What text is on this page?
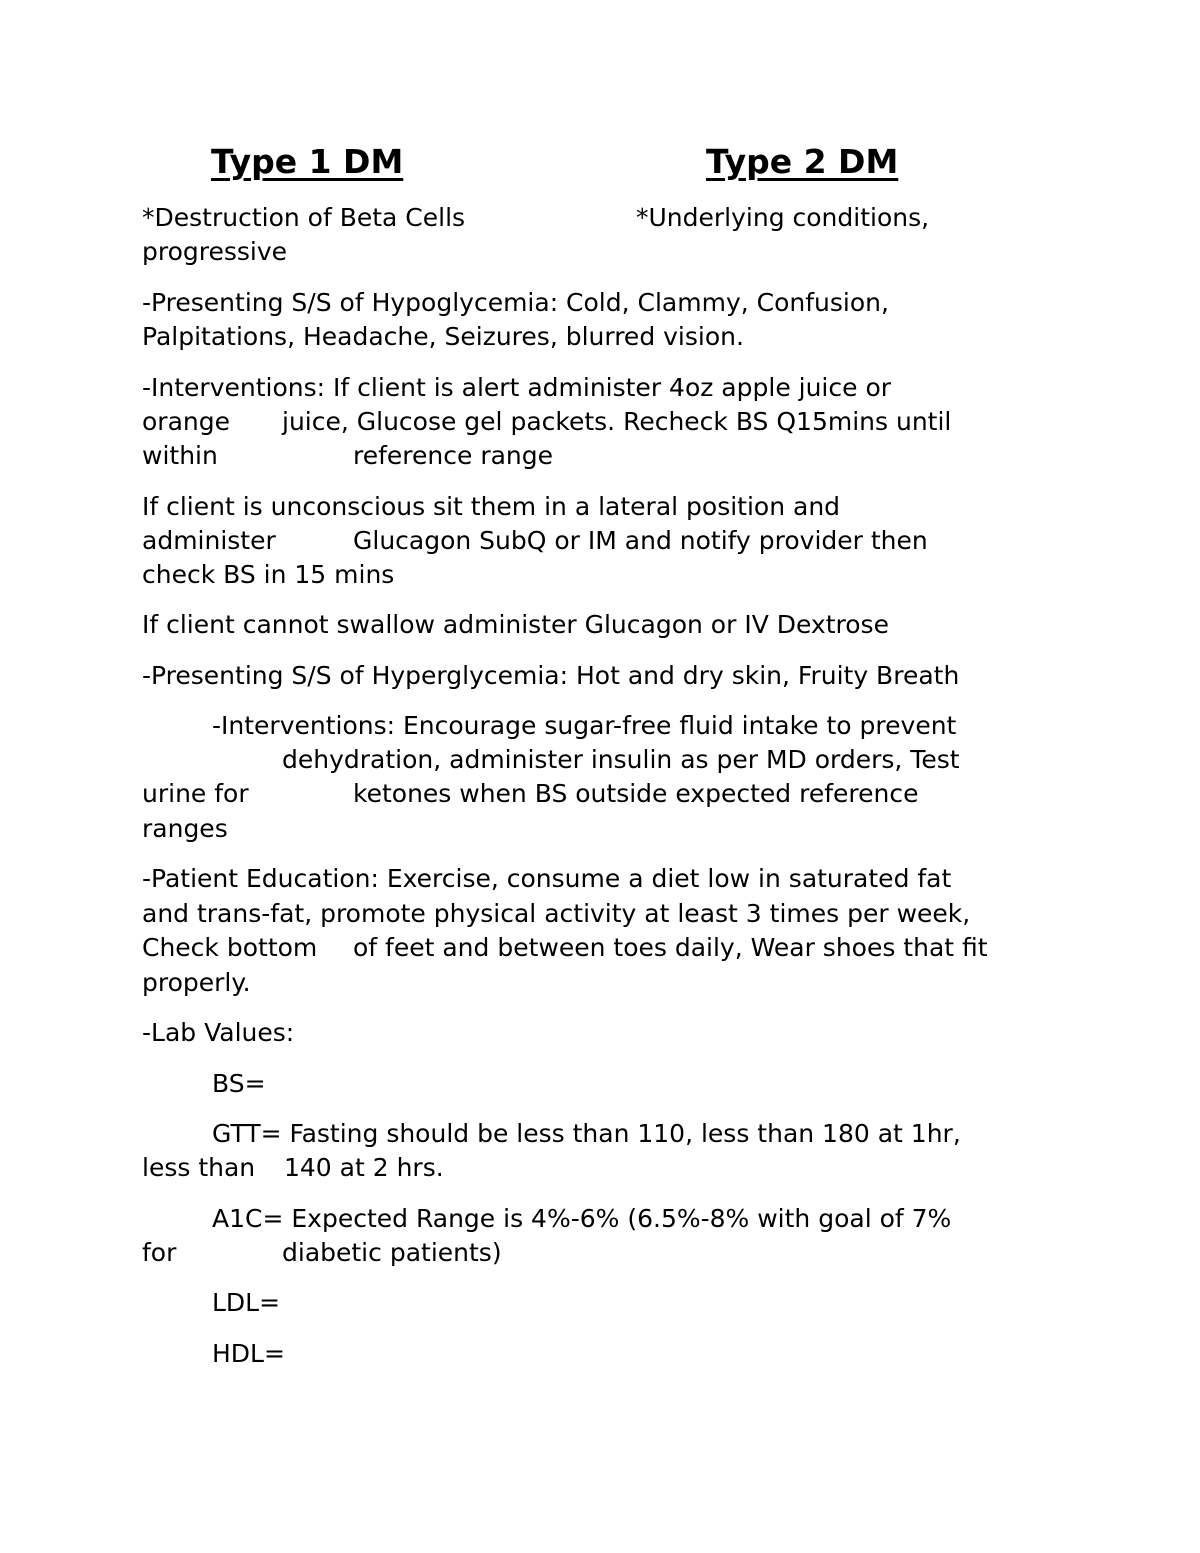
Type 1 DM	Type 2 DM
*Destruction of Beta Cells	*Underlying conditions,
progressive
-Presenting S/S of Hypoglycemia: Cold, Clammy, Confusion,
Palpitations, Headache, Seizures, blurred vision.
-Interventions: If client is alert administer 4oz apple juice or
orange juice, Glucose gel packets. Recheck BS Q15mins until
within	reference range
If client is unconscious sit them in a lateral position and
administer	Glucagon SubQ or IM and notify provider then
check BS in 15 mins
If client cannot swallow administer Glucagon or IV Dextrose
-Presenting S/S of Hyperglycemia: Hot and dry skin, Fruity Breath
-Interventions: Encourage sugar-free fluid intake to prevent
dehydration, administer insulin as per MD orders, Test
urine for	ketones when BS outside expected reference
ranges
-Patient Education: Exercise, consume a diet low in saturated fat
and trans-fat, promote physical activity at least 3 times per week,
Check bottom of feet and between toes daily, Wear shoes that fit
properly.
-Lab Values:
BS=
GTT= Fasting should be less than 110, less than 180 at 1hr,
less than 140 at 2 hrs.
A1C= Expected Range is 4%-6% (6.5%-8% with goal of 7%
for	diabetic patients)
LDL=
HDL=
